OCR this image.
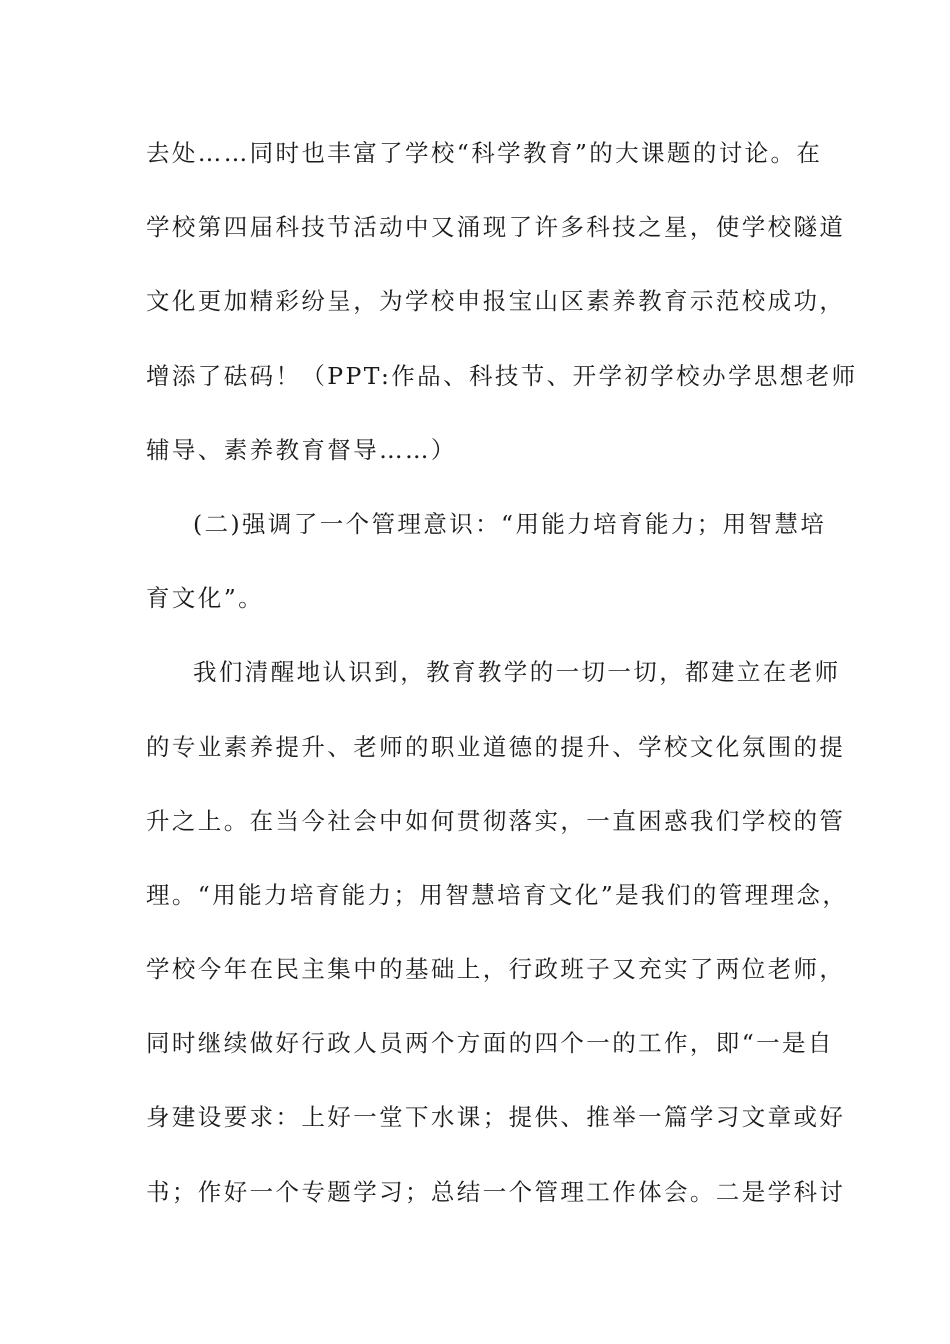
去处……同时也丰富了学校“科学教育”的大课题的讨论。在
学校第四届科技节活动中又涌现了许多科技之星，使学校隧道
文化更加精彩纷呈，为学校申报宝山区素养教育示范校成功，
增添了砝码！（PPT:作品、科技节、开学初学校办学思想老师
辅导、素养教育督导……）
(二)强调了一个管理意识：“用能力培育能力；用智慧培
育文化”。
我们清醒地认识到，教育教学的一切一切，都建立在老师
的专业素养提升、老师的职业道德的提升、学校文化氛围的提
升之上。在当今社会中如何贯彻落实，一直困惑我们学校的管
理。“用能力培育能力；用智慧培育文化”是我们的管理理念，
学校今年在民主集中的基础上，行政班子又充实了两位老师，
同时继续做好行政人员两个方面的四个一的工作，即“一是自
身建设要求：上好一堂下水课；提供、推举一篇学习文章或好
书；作好一个专题学习；总结一个管理工作体会。二是学科讨
